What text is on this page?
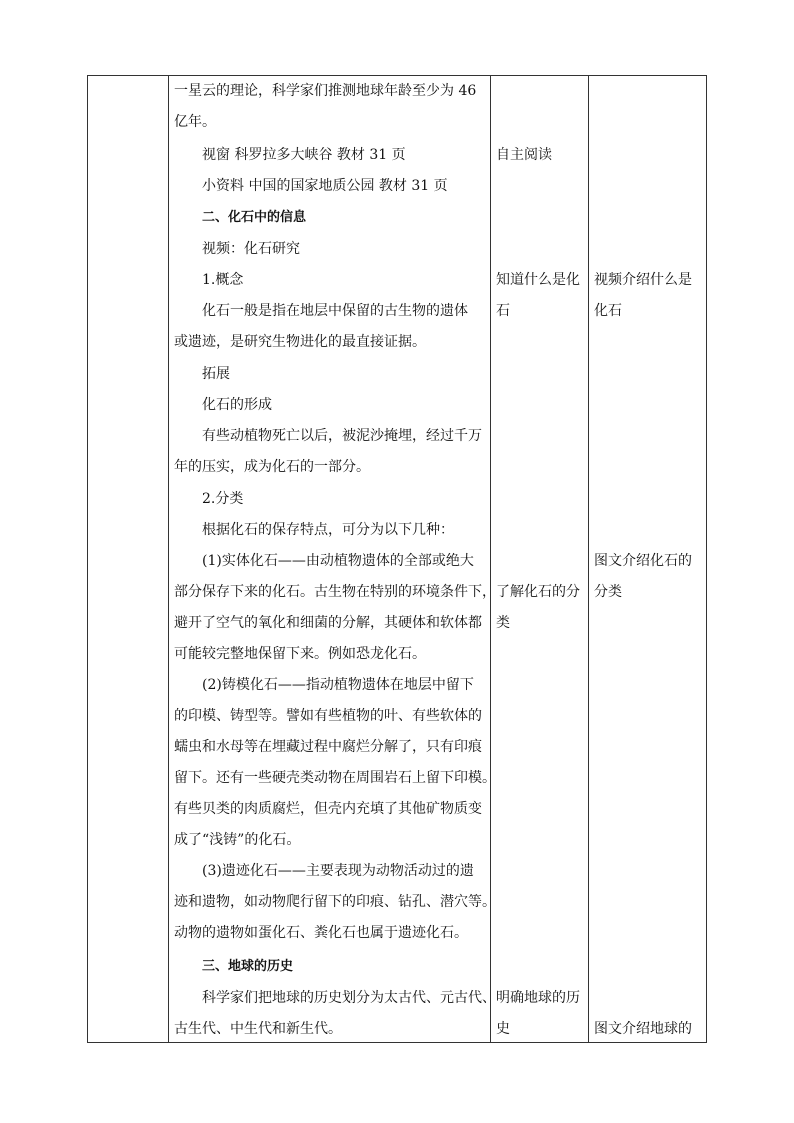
一星云的理论，科学家们推测地球年龄至少为 46
亿年。
视窗 科罗拉多大峡谷 教材 31 页
小资料 中国的国家地质公园 教材 31 页
二、化石中的信息
视频：化石研究
1.概念
化石一般是指在地层中保留的古生物的遗体
或遗迹，是研究生物进化的最直接证据。
拓展
化石的形成
有些动植物死亡以后，被泥沙掩埋，经过千万
年的压实，成为化石的一部分。
2.分类
根据化石的保存特点，可分为以下几种：
(1)实体化石——由动植物遗体的全部或绝大
部分保存下来的化石。古生物在特别的环境条件下，
避开了空气的氧化和细菌的分解，其硬体和软体都
可能较完整地保留下来。例如恐龙化石。
(2)铸模化石——指动植物遗体在地层中留下
的印模、铸型等。譬如有些植物的叶、有些软体的
蠕虫和水母等在埋藏过程中腐烂分解了，只有印痕
留下。还有一些硬壳类动物在周围岩石上留下印模。
有些贝类的肉质腐烂，但壳内充填了其他矿物质变
成了“浅铸”的化石。
(3)遗迹化石——主要表现为动物活动过的遗
迹和遗物，如动物爬行留下的印痕、钻孔、潜穴等。
动物的遗物如蛋化石、粪化石也属于遗迹化石。
三、地球的历史
科学家们把地球的历史划分为太古代、元古代、
古生代、中生代和新生代。
自主阅读
知道什么是化
石
了解化石的分
类
明确地球的历
史
视频介绍什么是
化石
图文介绍化石的
分类
图文介绍地球的
